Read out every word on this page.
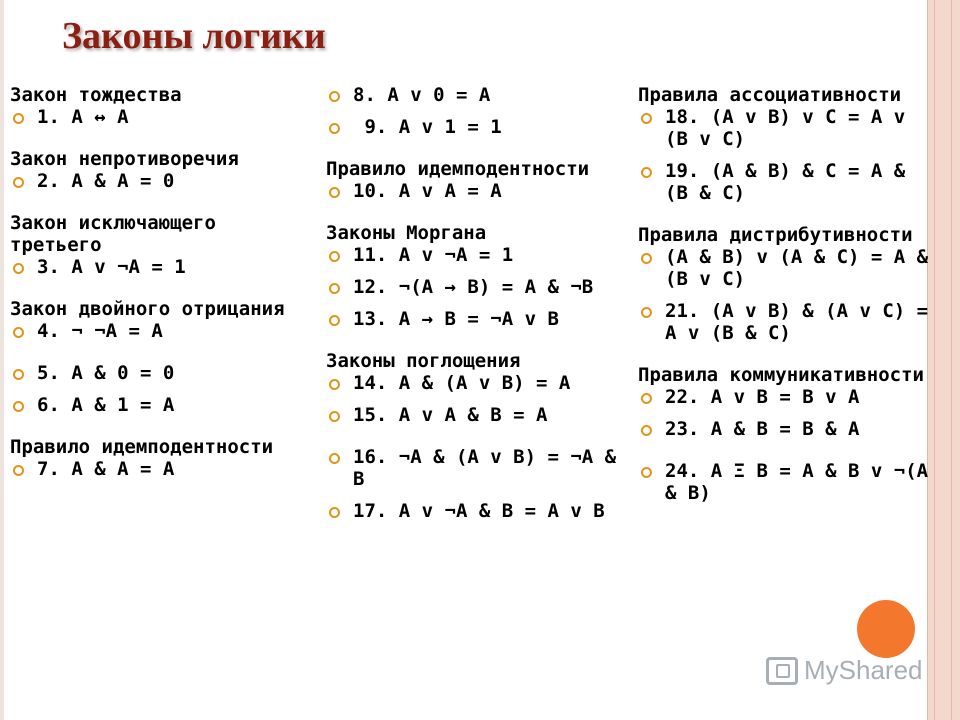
Законы логики
Закон тождества
1. A ↔ A
Закон непротиворечия
2. A & A = 0
Закон исключающего третьего
3. A v ¬A = 1
Закон двойного отрицания
4. ¬ ¬A = A
5. A & 0 = 0
6. A & 1 = A
Правило идемподентности
7. A & A = A
8. A v 0 = A
9. A v 1 = 1
Правило идемподентности
10. A v A = A
Законы Моргана
11. A v ¬A = 1
12. ¬(A → B) = A & ¬B
13. A → B = ¬A v B
Законы поглощения
14. A & (A v B) = A
15. A v A & B = A
16. ¬A & (A v B) = ¬A & B
17. A v ¬A & B = A v B
Правила ассоциативности
18. (A v B) v C = A v (B v C)
19. (A & B) & C = A & (B & C)
Правила дистрибутивности
(A & B) v (A & C) = A & (B v C)
21. (A v B) & (A v C) = A v (B & C)
Правила коммуникативности
22. A v B = B v A
23. A & B = B & A
24. A Ξ B = A & B v ¬(A & B)
MyShared
